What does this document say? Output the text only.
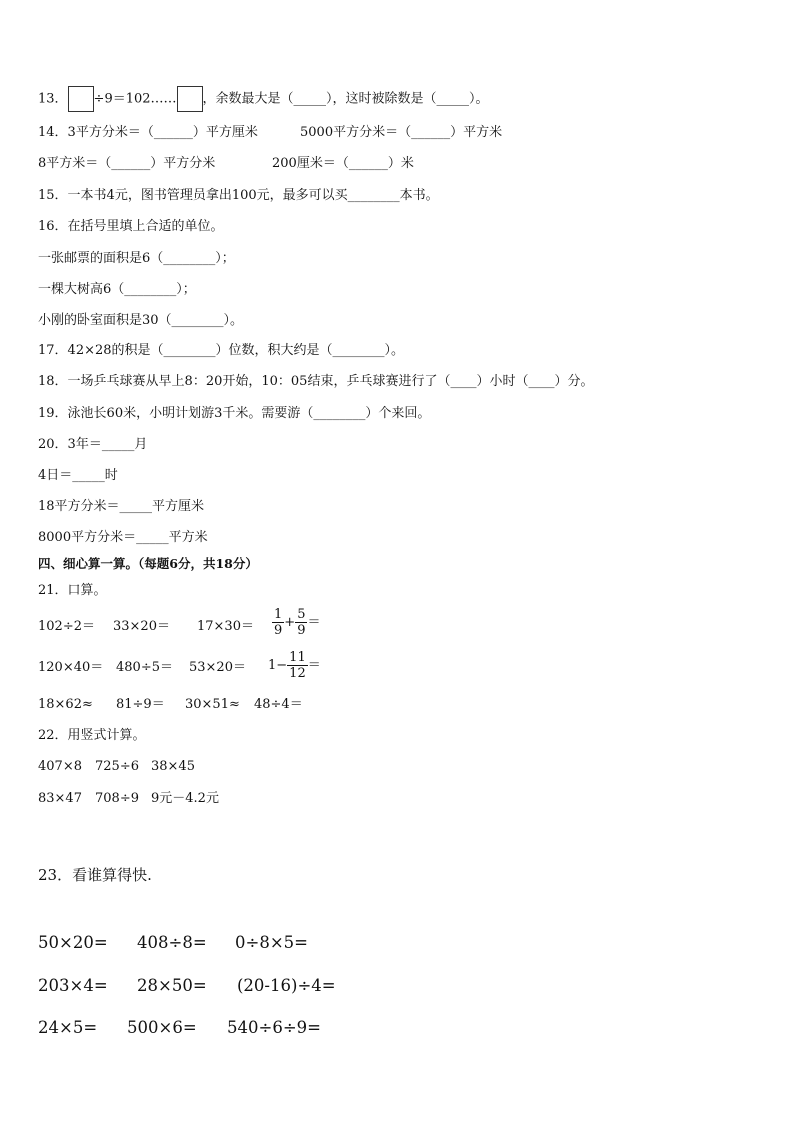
13． ÷9＝102…… ，余数最大是（_____），这时被除数是（_____）。
14．3平方分米＝（______）平方厘米	5000平方分米＝（______）平方米
8平方米＝（______）平方分米	200厘米＝（______）米
15．一本书4元，图书管理员拿出100元，最多可以买________本书。
16．在括号里填上合适的单位。
一张邮票的面积是6（________）；
一棵大树高6（________）；
小刚的卧室面积是30（________）。
17．42×28的积是（________）位数，积大约是（________）。
18．一场乒乓球赛从早上8：20开始，10：05结束，乒乓球赛进行了（____）小时（____）分。
19．泳池长60米，小明计划游3千米。需要游（________）个来回。
20．3年＝_____月
4日＝_____时
18平方分米＝_____平方厘米
8000平方分米＝_____平方米
四、细心算一算。（每题6分，共18分）
21．口算。
$102\div 2= 33\times 20= 17\times 30= \frac{1}{9} + \frac{5}{9}$ ＝
$120\times 40= 480\div 5= 53\times 20= 1- \frac{11}{12}$ ＝
18×62≈ 81÷9＝ 30×51≈ 48÷4＝
22．用竖式计算。
407×8 725÷6 38×45
83×47 708÷9 9元－4.2元
23．看谁算得快.
50×20= 408÷8= 0÷8×5=
203×4= 28×50= (20-16)÷4=
24×5= 500×6= 540÷6÷9=
